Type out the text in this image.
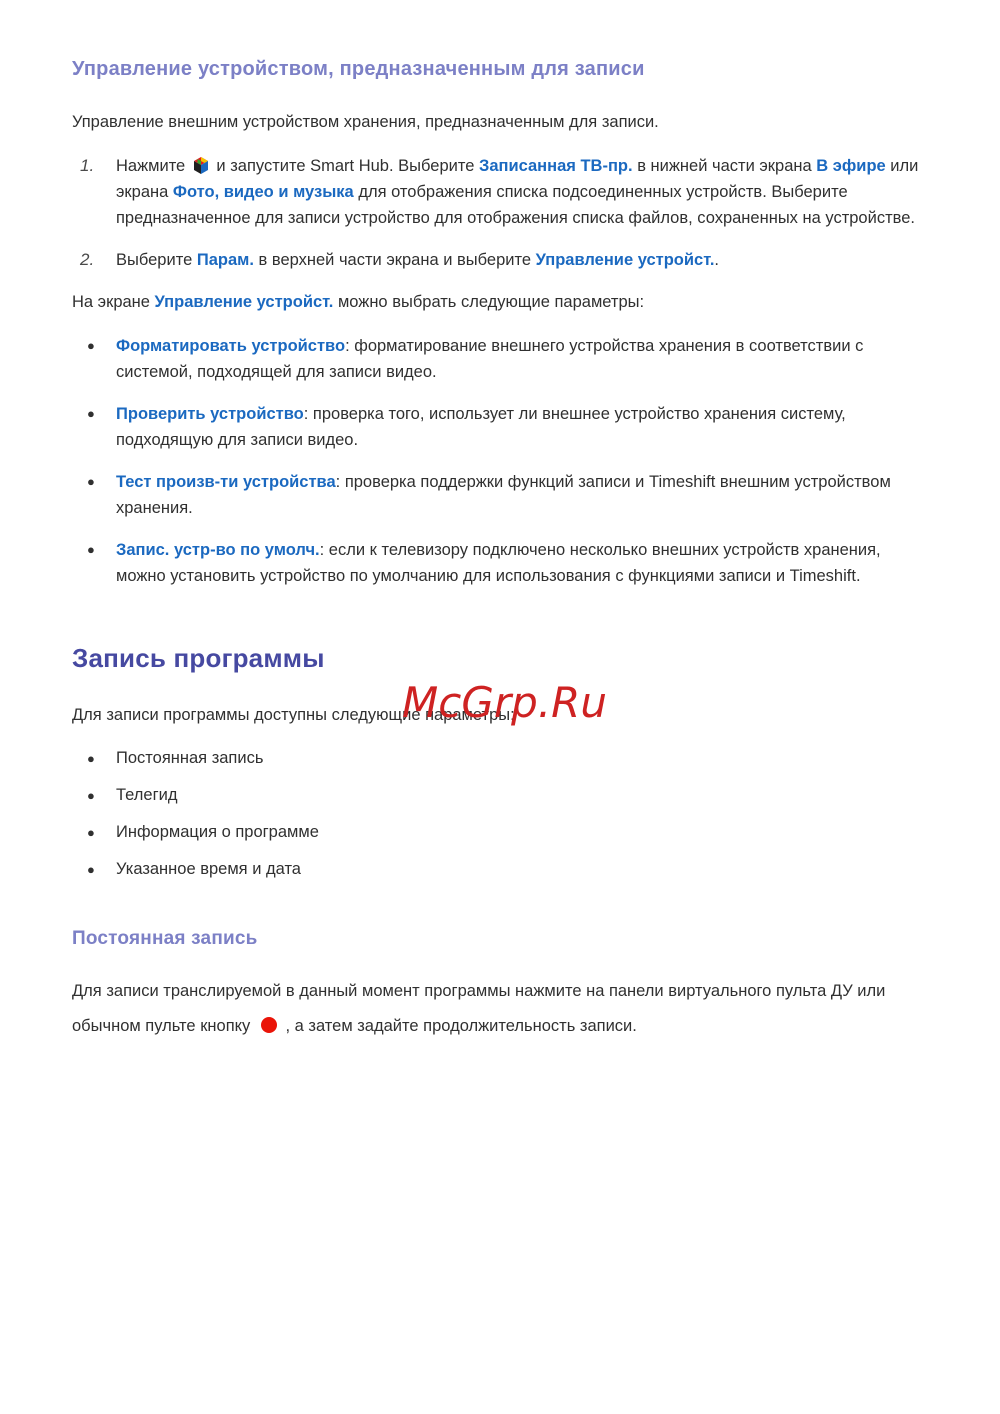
Управление устройством, предназначенным для записи

Управление внешним устройством хранения, предназначенным для записи.

1.	Нажмите  и запустите Smart Hub. Выберите Записанная ТВ-пр. в нижней части экрана В эфире или экрана Фото, видео и музыка для отображения списка подсоединенных устройств. Выберите предназначенное для записи устройство для отображения списка файлов, сохраненных на устройстве.
2.	Выберите Парам. в верхней части экрана и выберите Управление устройст..

На экране Управление устройст. можно выбрать следующие параметры:

●	Форматировать устройство: форматирование внешнего устройства хранения в соответствии с системой, подходящей для записи видео.
●	Проверить устройство: проверка того, использует ли внешнее устройство хранения систему, подходящую для записи видео.
●	Тест произв-ти устройства: проверка поддержки функций записи и Timeshift внешним устройством хранения.
●	Запис. устр-во по умолч.: если к телевизору подключено несколько внешних устройств хранения, можно установить устройство по умолчанию для использования с функциями записи и Timeshift.
Запись программы

Для записи программы доступны следующие параметры:

●	Постоянная запись
●	Телегид
●	Информация о программе
●	Указанное время и дата
Постоянная запись

Для записи транслируемой в данный момент программы нажмите на панели виртуального пульта ДУ или обычном пульте кнопку  , а затем задайте продолжительность записи.

McGrp.Ru
